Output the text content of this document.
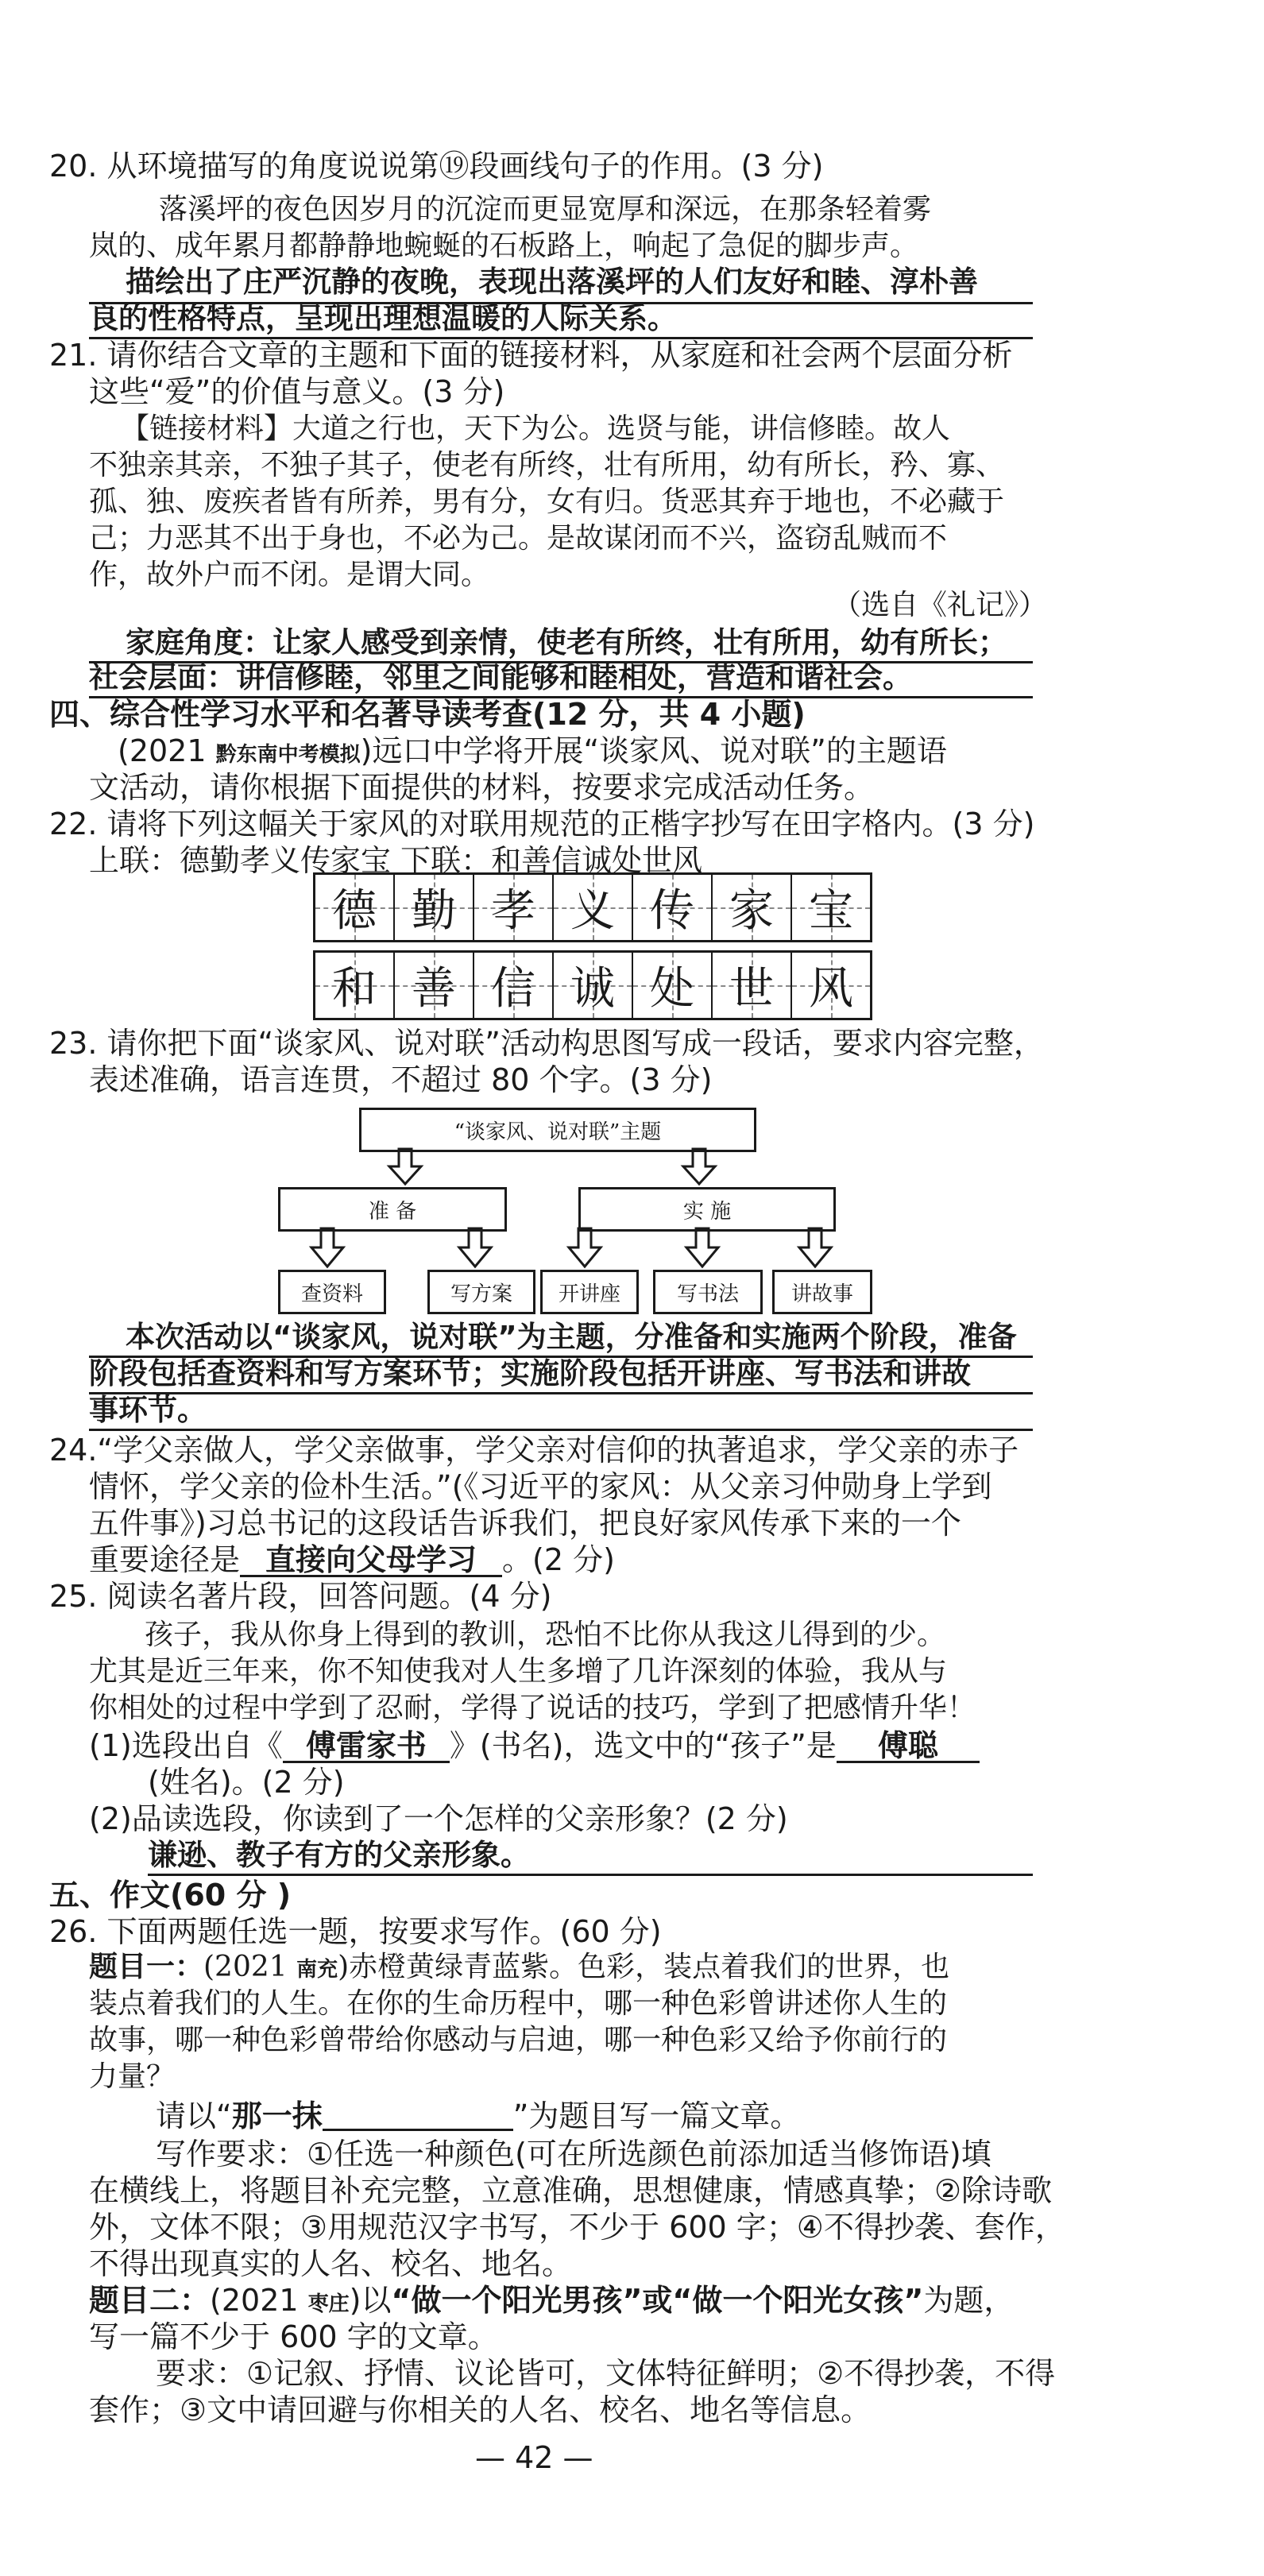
20. 从环境描写的角度说说第⑲段画线句子的作用。(3 分)
落溪坪的夜色因岁月的沉淀而更显宽厚和深远，在那条轻着雾
岚的、成年累月都静静地蜿蜒的石板路上，响起了急促的脚步声。
描绘出了庄严沉静的夜晚，表现出落溪坪的人们友好和睦、淳朴善
良的性格特点，呈现出理想温暖的人际关系。
21. 请你结合文章的主题和下面的链接材料，从家庭和社会两个层面分析
这些“爱”的价值与意义。(3 分)
【链接材料】大道之行也，天下为公。选贤与能，讲信修睦。故人
不独亲其亲，不独子其子，使老有所终，壮有所用，幼有所长，矜、寡、
孤、独、废疾者皆有所养，男有分，女有归。货恶其弃于地也，不必藏于
己；力恶其不出于身也，不必为己。是故谋闭而不兴，盗窃乱贼而不
作，故外户而不闭。是谓大同。
（选自《礼记》）
家庭角度：让家人感受到亲情，使老有所终，壮有所用，幼有所长；
社会层面：讲信修睦，邻里之间能够和睦相处，营造和谐社会。
四、综合性学习水平和名著导读考查(12 分，共 4 小题)
(2021 黔东南中考模拟)远口中学将开展“谈家风、说对联”的主题语
文活动，请你根据下面提供的材料，按要求完成活动任务。
22. 请将下列这幅关于家风的对联用规范的正楷字抄写在田字格内。(3 分)
上联：德勤孝义传家宝 下联：和善信诚处世风
德 勤 孝 义 传 家 宝
和 善 信 诚 处 世 风
23. 请你把下面“谈家风、说对联”活动构思图写成一段话，要求内容完整，
表述准确，语言连贯，不超过 80 个字。(3 分)
“谈家风、说对联”主题
准 备	实 施
查资料	写方案	开讲座	写书法	讲故事
本次活动以“谈家风，说对联”为主题，分准备和实施两个阶段，准备
阶段包括查资料和写方案环节；实施阶段包括开讲座、写书法和讲故
事环节。
24.“学父亲做人，学父亲做事，学父亲对信仰的执著追求，学父亲的赤子
情怀，学父亲的俭朴生活。”(《习近平的家风：从父亲习仲勋身上学到
五件事》)习总书记的这段话告诉我们，把良好家风传承下来的一个
重要途径是 直接向父母学习 。(2 分)
25. 阅读名著片段，回答问题。(4 分)
孩子，我从你身上得到的教训，恐怕不比你从我这儿得到的少。
尤其是近三年来，你不知使我对人生多增了几许深刻的体验，我从与
你相处的过程中学到了忍耐，学得了说话的技巧，学到了把感情升华！
(1)选段出自《 傅雷家书 》(书名)，选文中的“孩子”是 傅聪
(姓名)。(2 分)
(2)品读选段，你读到了一个怎样的父亲形象？(2 分)
谦逊、教子有方的父亲形象。
五、作文(60 分 )
26. 下面两题任选一题，按要求写作。(60 分)
题目一：(2021 南充)赤橙黄绿青蓝紫。色彩，装点着我们的世界，也
装点着我们的人生。在你的生命历程中，哪一种色彩曾讲述你人生的
故事，哪一种色彩曾带给你感动与启迪，哪一种色彩又给予你前行的
力量？
请以“那一抹	”为题目写一篇文章。
写作要求：①任选一种颜色(可在所选颜色前添加适当修饰语)填
在横线上，将题目补充完整，立意准确，思想健康，情感真挚；②除诗歌
外，文体不限；③用规范汉字书写，不少于 600 字；④不得抄袭、套作，
不得出现真实的人名、校名、地名。
题目二：(2021 枣庄)以“做一个阳光男孩”或“做一个阳光女孩”为题，
写一篇不少于 600 字的文章。
要求：①记叙、抒情、议论皆可，文体特征鲜明；②不得抄袭，不得
套作；③文中请回避与你相关的人名、校名、地名等信息。
— 42 —
